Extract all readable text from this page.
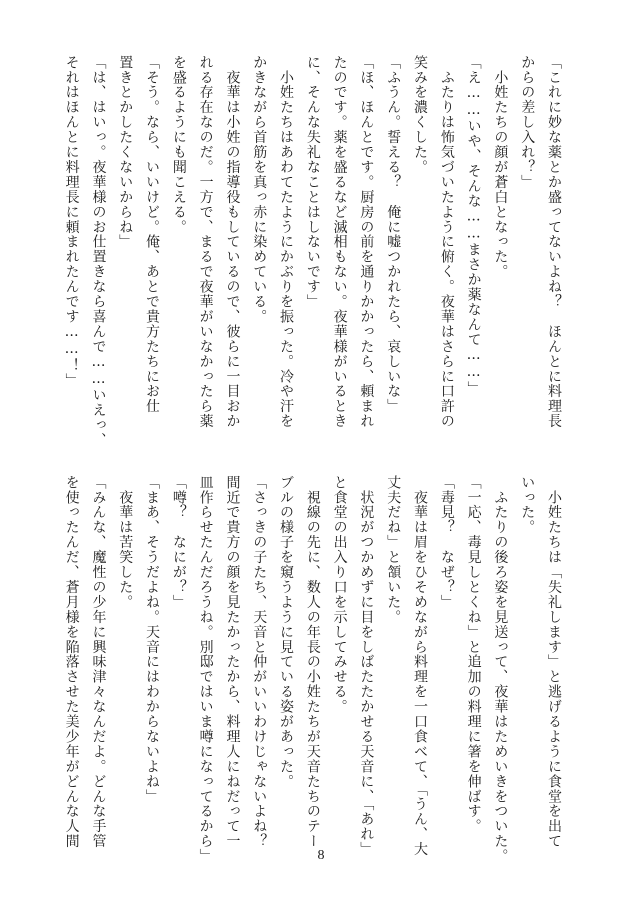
「これに妙な薬とか盛ってないよね？　ほんとに料理長
からの差し入れ？」
　小姓たちの顔が蒼白となった。
「え……いや、そんな……まさか薬なんて……」
　ふたりは怖気づいたように俯く。夜華はさらに口許の
笑みを濃くした。
「ふうん。誓える？　俺に嘘つかれたら、哀しいな」
「ほ、ほんとです。厨房の前を通りかかったら、頼まれ
たのです。薬を盛るなど滅相もない。夜華様がいるとき
に、そんな失礼なことはしないです」
　小姓たちはあわてたようにかぶりを振った。冷や汗を
かきながら首筋を真っ赤に染めている。
　夜華は小姓の指導役もしているので、彼らに一目おか
れる存在なのだ。一方で、まるで夜華がいなかったら薬
を盛るようにも聞こえる。
「そう。なら、いいけど。俺、あとで貴方たちにお仕
置きとかしたくないからね」
「は、はいっ。夜華様のお仕置きなら喜んで……いえっ、
それはほんとに料理長に頼まれたんです……！」
　小姓たちは「失礼します」と逃げるように食堂を出て
いった。
　ふたりの後ろ姿を見送って、夜華はためいきをついた。
「一応、毒見しとくね」と追加の料理に箸を伸ばす。
「毒見？　なぜ？」
　夜華は眉をひそめながら料理を一口食べて、「うん、大
丈夫だね」と頷いた。
　状況がつかめずに目をしばたたかせる天音に、「あれ」
と食堂の出入り口を示してみせる。
　視線の先に、数人の年長の小姓たちが天音たちのテー
ブルの様子を窺うように見ている姿があった。
「さっきの子たち、天音と仲がいいわけじゃないよね？
間近で貴方の顔を見たかったから、料理人にねだって一
皿作らせたんだろうね。別邸ではいま噂になってるから」
「噂？　なにが？」
「まあ、そうだよね。天音にはわからないよね」
　夜華は苦笑した。
「みんな、魔性の少年に興味津々なんだよ。どんな手管
を使ったんだ、蒼月様を陥落させた美少年がどんな人間
8
